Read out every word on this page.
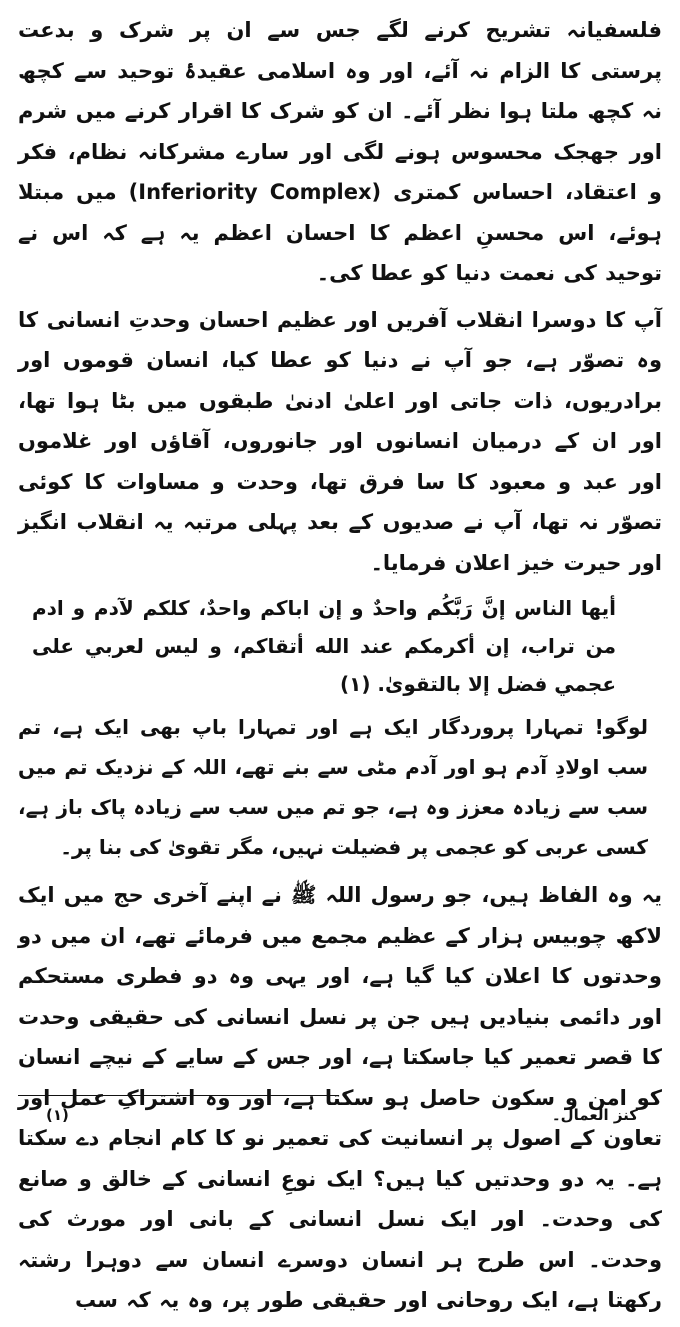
فلسفیانہ تشریح کرنے لگے جس سے ان پر شرک و بدعت پرستی کا الزام نہ آئے، اور وہ اسلامی عقیدۂ توحید سے کچھ نہ کچھ ملتا ہوا نظر آئے۔ ان کو شرک کا اقرار کرنے میں شرم اور جھجک محسوس ہونے لگی اور سارے مشرکانہ نظام، فکر و اعتقاد، احساس کمتری (Inferiority Complex) میں مبتلا ہوئے، اس محسنِ اعظم کا احسان اعظم یہ ہے کہ اس نے توحید کی نعمت دنیا کو عطا کی۔

آپ کا دوسرا انقلاب آفریں اور عظیم احسان وحدتِ انسانی کا وہ تصوّر ہے، جو آپ نے دنیا کو عطا کیا، انسان قوموں اور برادریوں، ذات جاتی اور اعلیٰ ادنیٰ طبقوں میں بٹا ہوا تھا، اور ان کے درمیان انسانوں اور جانوروں، آقاؤں اور غلاموں اور عبد و معبود کا سا فرق تھا، وحدت و مساوات کا کوئی تصوّر نہ تھا، آپ نے صدیوں کے بعد پہلی مرتبہ یہ انقلاب انگیز اور حیرت خیز اعلان فرمایا۔

أيها الناس إنَّ رَبَّكُم واحدٌ و إن اباكم واحدٌ، كلكم لآدم و ادم من تراب، إن أكرمكم عند الله أتقاكم، و ليس لعربي على عجمي فضل إلا بالتقوىٰ. (١)

لوگو! تمہارا پروردگار ایک ہے اور تمہارا باپ بھی ایک ہے، تم سب اولادِ آدم ہو اور آدم مٹی سے بنے تھے، اللہ کے نزدیک تم میں سب سے زیادہ معزز وہ ہے، جو تم میں سب سے زیادہ پاک باز ہے، کسی عربی کو عجمی پر فضیلت نہیں، مگر تقویٰ کی بنا پر۔

یہ وہ الفاظ ہیں، جو رسول اللہ ﷺ نے اپنے آخری حج میں ایک لاکھ چوبیس ہزار کے عظیم مجمع میں فرمائے تھے، ان میں دو وحدتوں کا اعلان کیا گیا ہے، اور یہی وہ دو فطری مستحکم اور دائمی بنیادیں ہیں جن پر نسل انسانی کی حقیقی وحدت کا قصر تعمیر کیا جاسکتا ہے، اور جس کے سایے کے نیچے انسان کو امن و سکون حاصل ہو سکتا ہے، اور وہ اشتراکِ عمل اور تعاون کے اصول پر انسانیت کی تعمیر نو کا کام انجام دے سکتا ہے۔ یہ دو وحدتیں کیا ہیں؟ ایک نوعِ انسانی کے خالق و صانع کی وحدت۔ اور ایک نسل انسانی کے بانی اور مورث کی وحدت۔ اس طرح ہر انسان دوسرے انسان سے دوہرا رشتہ رکھتا ہے، ایک روحانی اور حقیقی طور پر، وہ یہ کہ سب

کنز العمال۔
(١)
